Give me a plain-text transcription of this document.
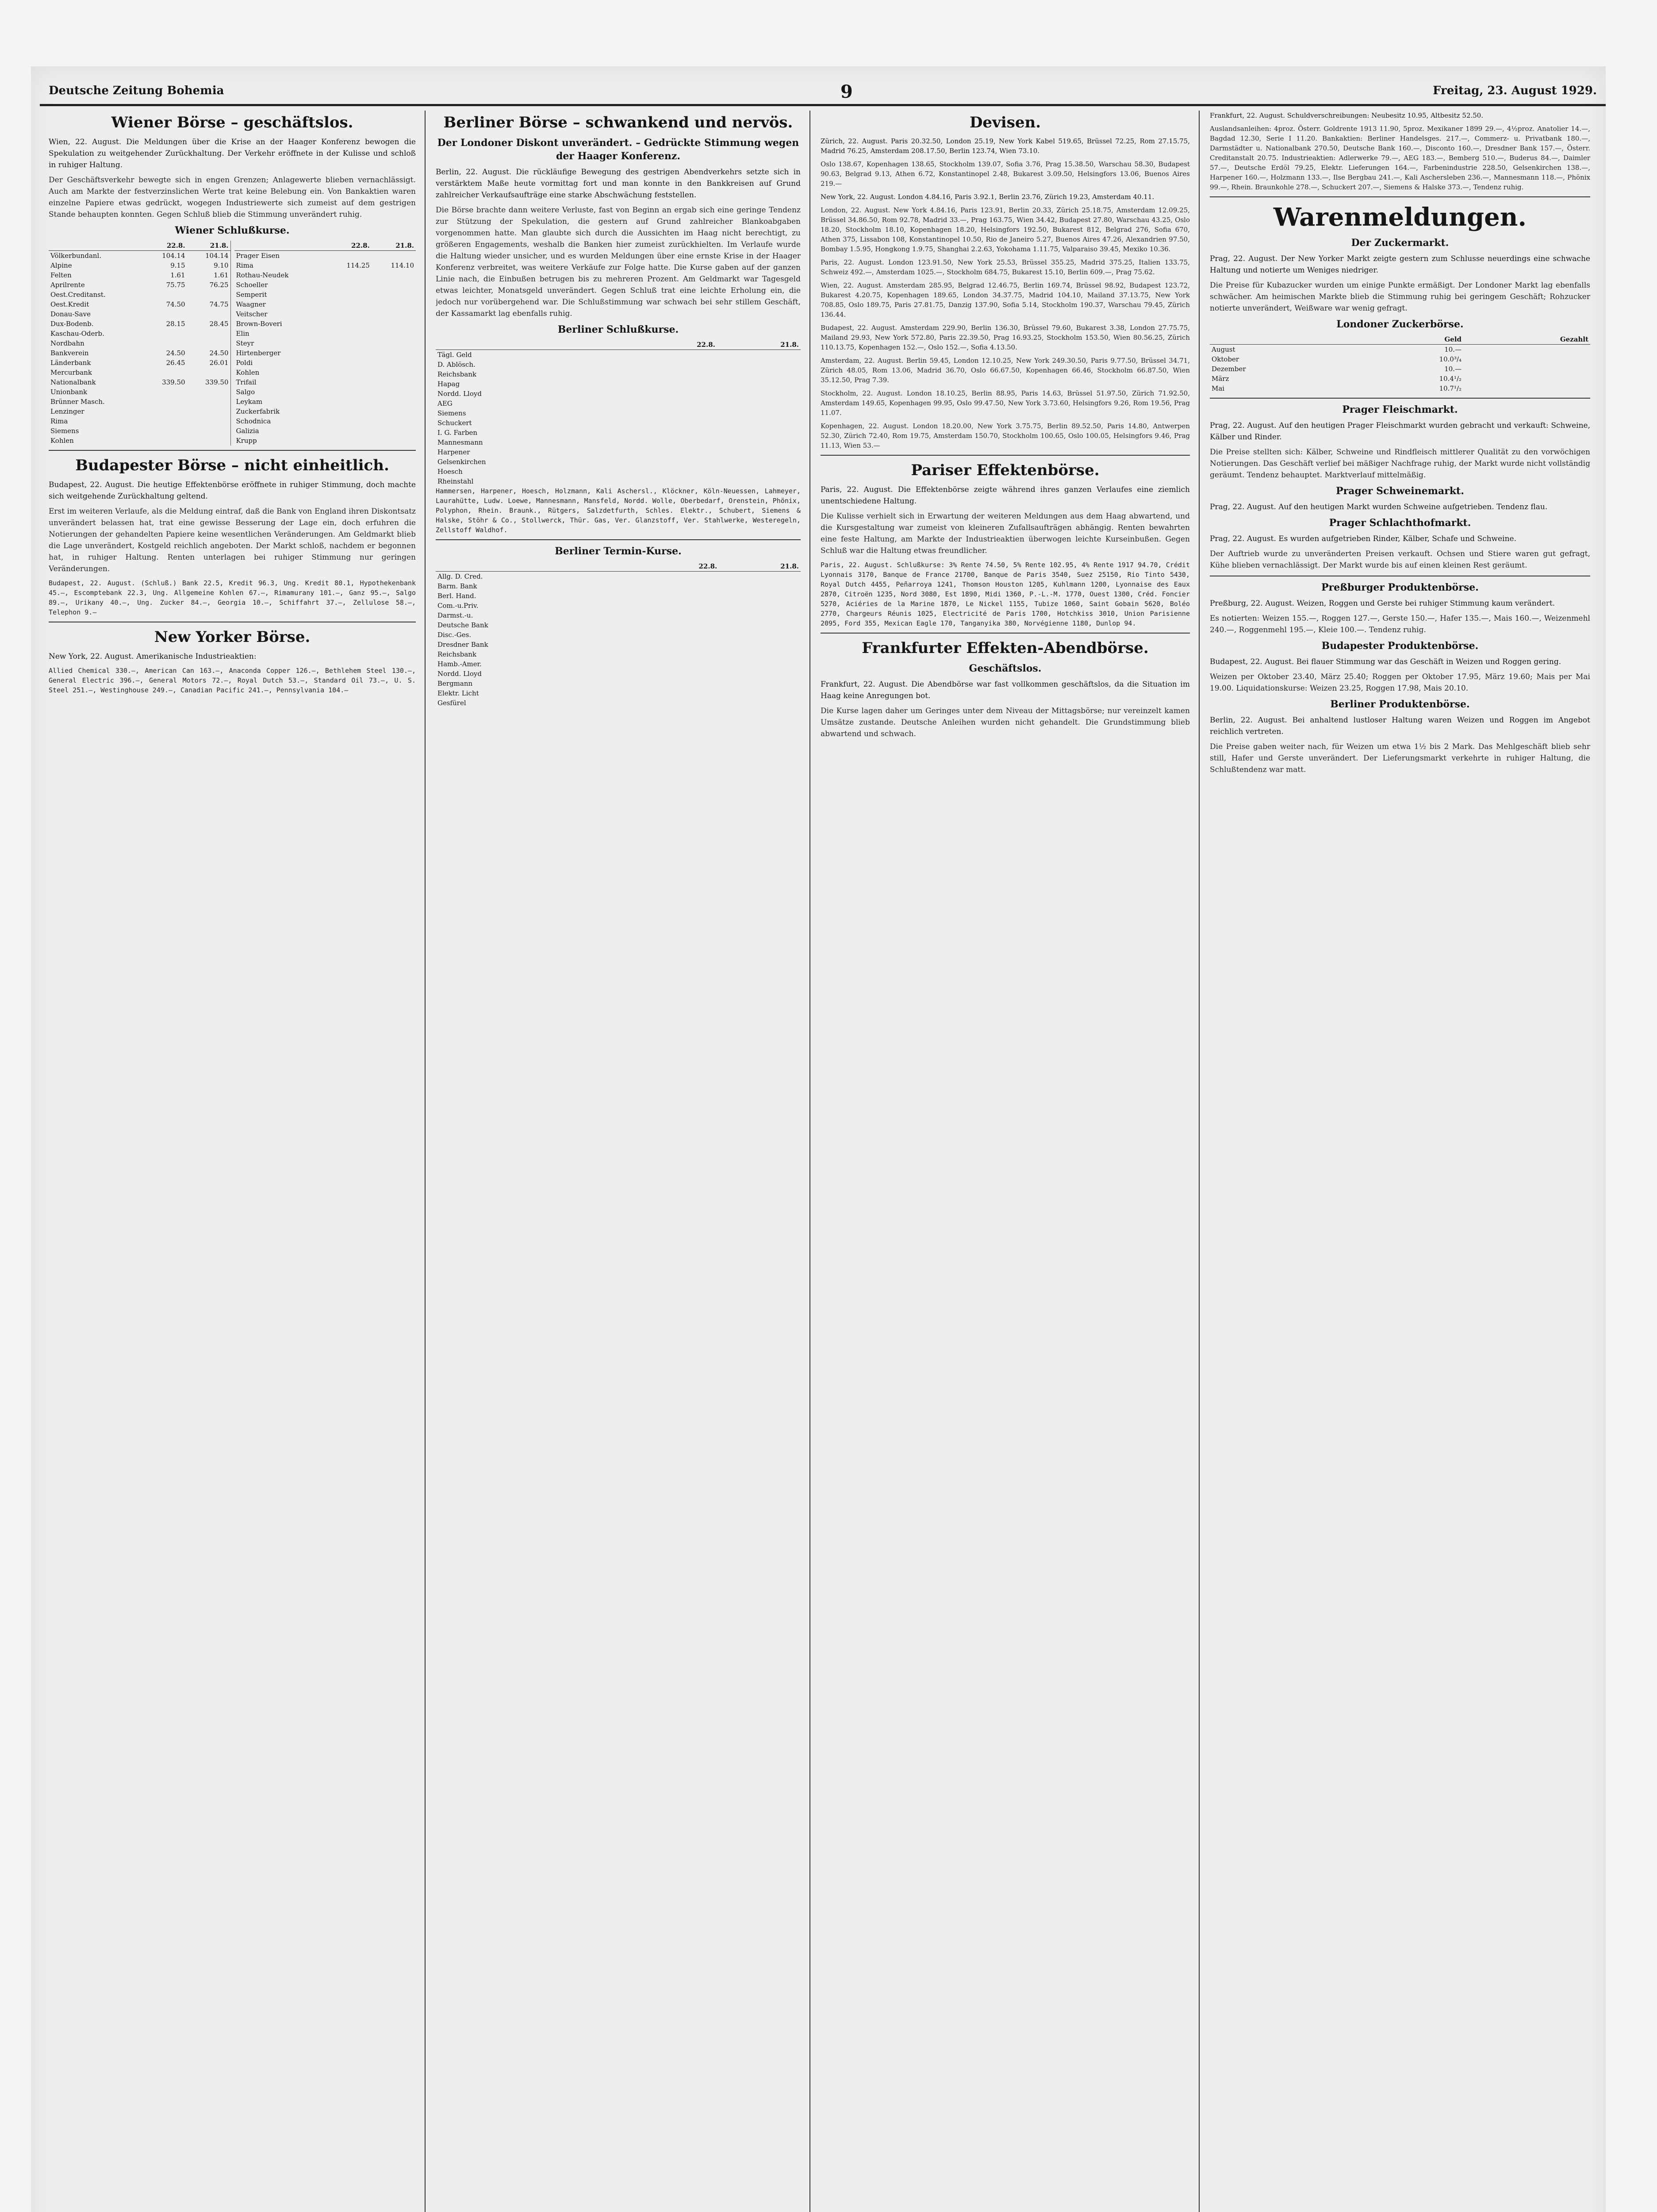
Deutsche Zeitung Bohemia	9	Freitag, 23. August 1929.
Wiener Börse – geschäftslos.

Wien, 22. August. Die Meldungen über die Krise an der Haager Konferenz bewogen die Spekulation zu weitgehender Zurückhaltung. Der Verkehr eröffnete in der Kulisse und schloß in ruhiger Haltung.

Der Geschäftsverkehr bewegte sich in engen Grenzen; Anlagewerte blieben vernachlässigt. Auch am Markte der festverzinslichen Werte trat keine Belebung ein. Von Bankaktien waren einzelne Papiere etwas gedrückt, wogegen Industriewerte sich zumeist auf dem gestrigen Stande behaupten konnten. Gegen Schluß blieb die Stimmung unverändert ruhig.

Wiener Schlußkurse.
	22.8.	21.8.
Völkerbundanl.	104.14	104.14
Alpine	9.15	9.10
Felten	1.61	1.61
Aprilrente	75.75	76.25
Oest.Creditanst.		
Oest.Kredit	74.50	74.75
Donau-Save		
Dux-Bodenb.	28.15	28.45
Kaschau-Oderb.		
Nordbahn		
Bankverein	24.50	24.50
Länderbank	26.45	26.01
Mercurbank		
Nationalbank	339.50	339.50
Unionbank		
Brünner Masch.		
Lenzinger		
Rima		
Siemens		
Kohlen		
	22.8.	21.8.
Prager Eisen		
Rima	114.25	114.10
Rothau-Neudek		
Schoeller		
Semperit		
Waagner		
Veitscher		
Brown-Boveri		
Elin		
Steyr		
Hirtenberger		
Poldi		
Kohlen		
Trifail		
Salgo		
Leykam		
Zuckerfabrik		
Schodnica		
Galizia		
Krupp		
Budapester Börse – nicht einheitlich.

Budapest, 22. August. Die heutige Effektenbörse eröffnete in ruhiger Stimmung, doch machte sich weitgehende Zurückhaltung geltend.

Erst im weiteren Verlaufe, als die Meldung eintraf, daß die Bank von England ihren Diskontsatz unverändert belassen hat, trat eine gewisse Besserung der Lage ein, doch erfuhren die Notierungen der gehandelten Papiere keine wesentlichen Veränderungen. Am Geldmarkt blieb die Lage unverändert, Kostgeld reichlich angeboten. Der Markt schloß, nachdem er begonnen hat, in ruhiger Haltung. Renten unterlagen bei ruhiger Stimmung nur geringen Veränderungen.

Budapest, 22. August. (Schluß.) Bank 22.5, Kredit 96.3, Ung. Kredit 80.1, Hypothekenbank 45.—, Escomptebank 22.3, Ung. Allgemeine Kohlen 67.—, Rimamurany 101.—, Ganz 95.—, Salgo 89.—, Urikany 40.—, Ung. Zucker 84.—, Georgia 10.—, Schiffahrt 37.—, Zellulose 58.—, Telephon 9.—

New Yorker Börse.

New York, 22. August. Amerikanische Industrieaktien:

Allied Chemical 330.—, American Can 163.—, Anaconda Copper 126.—, Bethlehem Steel 130.—, General Electric 396.—, General Motors 72.—, Royal Dutch 53.—, Standard Oil 73.—, U. S. Steel 251.—, Westinghouse 249.—, Canadian Pacific 241.—, Pennsylvania 104.—

Berliner Börse – schwankend und nervös.
Der Londoner Diskont unverändert. – Gedrückte Stimmung wegen der Haager Konferenz.

Berlin, 22. August. Die rückläufige Bewegung des gestrigen Abendverkehrs setzte sich in verstärktem Maße heute vormittag fort und man konnte in den Bankkreisen auf Grund zahlreicher Verkaufsaufträge eine starke Abschwächung feststellen.

Die Börse brachte dann weitere Verluste, fast von Beginn an ergab sich eine geringe Tendenz zur Stützung der Spekulation, die gestern auf Grund zahlreicher Blankoabgaben vorgenommen hatte. Man glaubte sich durch die Aussichten im Haag nicht berechtigt, zu größeren Engagements, weshalb die Banken hier zumeist zurückhielten. Im Verlaufe wurde die Haltung wieder unsicher, und es wurden Meldungen über eine ernste Krise in der Haager Konferenz verbreitet, was weitere Verkäufe zur Folge hatte. Die Kurse gaben auf der ganzen Linie nach, die Einbußen betrugen bis zu mehreren Prozent. Am Geldmarkt war Tagesgeld etwas leichter, Monatsgeld unverändert. Gegen Schluß trat eine leichte Erholung ein, die jedoch nur vorübergehend war. Die Schlußstimmung war schwach bei sehr stillem Geschäft, der Kassamarkt lag ebenfalls ruhig.

Berliner Schlußkurse.
	22.8.	21.8.
Tägl. Geld		
D. Ablösch.		
Reichsbank		
Hapag		
Nordd. Lloyd		
AEG		
Siemens		
Schuckert		
I. G. Farben		
Mannesmann		
Harpener		
Gelsenkirchen		
Hoesch		
Rheinstahl		

Hammersen, Harpener, Hoesch, Holzmann, Kali Aschersl., Klöckner, Köln-Neuessen, Lahmeyer, Laurahütte, Ludw. Loewe, Mannesmann, Mansfeld, Nordd. Wolle, Oberbedarf, Orenstein, Phönix, Polyphon, Rhein. Braunk., Rütgers, Salzdetfurth, Schles. Elektr., Schubert, Siemens & Halske, Stöhr & Co., Stollwerck, Thür. Gas, Ver. Glanzstoff, Ver. Stahlwerke, Westeregeln, Zellstoff Waldhof.

Berliner Termin-Kurse.
	22.8.	21.8.
Allg. D. Cred.		
Barm. Bank		
Berl. Hand.		
Com.-u.Priv.		
Darmst.-u.		
Deutsche Bank		
Disc.-Ges.		
Dresdner Bank		
Reichsbank		
Hamb.-Amer.		
Nordd. Lloyd		
Bergmann		
Elektr. Licht		
Gesfürel		
Devisen.

Zürich, 22. August. Paris 20.32.50, London 25.19, New York Kabel 519.65, Brüssel 72.25, Rom 27.15.75, Madrid 76.25, Amsterdam 208.17.50, Berlin 123.74, Wien 73.10.

Oslo 138.67, Kopenhagen 138.65, Stockholm 139.07, Sofia 3.76, Prag 15.38.50, Warschau 58.30, Budapest 90.63, Belgrad 9.13, Athen 6.72, Konstantinopel 2.48, Bukarest 3.09.50, Helsingfors 13.06, Buenos Aires 219.—

New York, 22. August. London 4.84.16, Paris 3.92.1, Berlin 23.76, Zürich 19.23, Amsterdam 40.11.

London, 22. August. New York 4.84.16, Paris 123.91, Berlin 20.33, Zürich 25.18.75, Amsterdam 12.09.25, Brüssel 34.86.50, Rom 92.78, Madrid 33.—, Prag 163.75, Wien 34.42, Budapest 27.80, Warschau 43.25, Oslo 18.20, Stockholm 18.10, Kopenhagen 18.20, Helsingfors 192.50, Bukarest 812, Belgrad 276, Sofia 670, Athen 375, Lissabon 108, Konstantinopel 10.50, Rio de Janeiro 5.27, Buenos Aires 47.26, Alexandrien 97.50, Bombay 1.5.95, Hongkong 1.9.75, Shanghai 2.2.63, Yokohama 1.11.75, Valparaiso 39.45, Mexiko 10.36.

Paris, 22. August. London 123.91.50, New York 25.53, Brüssel 355.25, Madrid 375.25, Italien 133.75, Schweiz 492.—, Amsterdam 1025.—, Stockholm 684.75, Bukarest 15.10, Berlin 609.—, Prag 75.62.

Wien, 22. August. Amsterdam 285.95, Belgrad 12.46.75, Berlin 169.74, Brüssel 98.92, Budapest 123.72, Bukarest 4.20.75, Kopenhagen 189.65, London 34.37.75, Madrid 104.10, Mailand 37.13.75, New York 708.85, Oslo 189.75, Paris 27.81.75, Danzig 137.90, Sofia 5.14, Stockholm 190.37, Warschau 79.45, Zürich 136.44.

Budapest, 22. August. Amsterdam 229.90, Berlin 136.30, Brüssel 79.60, Bukarest 3.38, London 27.75.75, Mailand 29.93, New York 572.80, Paris 22.39.50, Prag 16.93.25, Stockholm 153.50, Wien 80.56.25, Zürich 110.13.75, Kopenhagen 152.—, Oslo 152.—, Sofia 4.13.50.

Amsterdam, 22. August. Berlin 59.45, London 12.10.25, New York 249.30.50, Paris 9.77.50, Brüssel 34.71, Zürich 48.05, Rom 13.06, Madrid 36.70, Oslo 66.67.50, Kopenhagen 66.46, Stockholm 66.87.50, Wien 35.12.50, Prag 7.39.

Stockholm, 22. August. London 18.10.25, Berlin 88.95, Paris 14.63, Brüssel 51.97.50, Zürich 71.92.50, Amsterdam 149.65, Kopenhagen 99.95, Oslo 99.47.50, New York 3.73.60, Helsingfors 9.26, Rom 19.56, Prag 11.07.

Kopenhagen, 22. August. London 18.20.00, New York 3.75.75, Berlin 89.52.50, Paris 14.80, Antwerpen 52.30, Zürich 72.40, Rom 19.75, Amsterdam 150.70, Stockholm 100.65, Oslo 100.05, Helsingfors 9.46, Prag 11.13, Wien 53.—

Pariser Effektenbörse.

Paris, 22. August. Die Effektenbörse zeigte während ihres ganzen Verlaufes eine ziemlich unentschiedene Haltung.

Die Kulisse verhielt sich in Erwartung der weiteren Meldungen aus dem Haag abwartend, und die Kursgestaltung war zumeist von kleineren Zufallsaufträgen abhängig. Renten bewahrten eine feste Haltung, am Markte der Industrieaktien überwogen leichte Kurseinbußen. Gegen Schluß war die Haltung etwas freundlicher.

Paris, 22. August. Schlußkurse: 3% Rente 74.50, 5% Rente 102.95, 4% Rente 1917 94.70, Crédit Lyonnais 3170, Banque de France 21700, Banque de Paris 3540, Suez 25150, Rio Tinto 5430, Royal Dutch 4455, Peñarroya 1241, Thomson Houston 1205, Kuhlmann 1200, Lyonnaise des Eaux 2870, Citroën 1235, Nord 3080, Est 1890, Midi 1360, P.-L.-M. 1770, Ouest 1300, Créd. Foncier 5270, Aciéries de la Marine 1870, Le Nickel 1155, Tubize 1060, Saint Gobain 5620, Boléo 2770, Chargeurs Réunis 1025, Electricité de Paris 1700, Hotchkiss 3010, Union Parisienne 2095, Ford 355, Mexican Eagle 170, Tanganyika 380, Norvégienne 1180, Dunlop 94.

Frankfurter Effekten-Abendbörse.
Geschäftslos.

Frankfurt, 22. August. Die Abendbörse war fast vollkommen geschäftslos, da die Situation im Haag keine Anregungen bot.

Die Kurse lagen daher um Geringes unter dem Niveau der Mittagsbörse; nur vereinzelt kamen Umsätze zustande. Deutsche Anleihen wurden nicht gehandelt. Die Grundstimmung blieb abwartend und schwach.

Frankfurt, 22. August. Schuldverschreibungen: Neubesitz 10.95, Altbesitz 52.50.

Auslandsanleihen: 4proz. Österr. Goldrente 1913 11.90, 5proz. Mexikaner 1899 29.—, 4½proz. Anatolier 14.—, Bagdad 12.30, Serie I 11.20. Bankaktien: Berliner Handelsges. 217.—, Commerz- u. Privatbank 180.—, Darmstädter u. Nationalbank 270.50, Deutsche Bank 160.—, Disconto 160.—, Dresdner Bank 157.—, Österr. Creditanstalt 20.75. Industrieaktien: Adlerwerke 79.—, AEG 183.—, Bemberg 510.—, Buderus 84.—, Daimler 57.—, Deutsche Erdöl 79.25, Elektr. Lieferungen 164.—, Farbenindustrie 228.50, Gelsenkirchen 138.—, Harpener 160.—, Holzmann 133.—, Ilse Bergbau 241.—, Kali Aschersleben 236.—, Mannesmann 118.—, Phönix 99.—, Rhein. Braunkohle 278.—, Schuckert 207.—, Siemens & Halske 373.—, Tendenz ruhig.

Warenmeldungen.
Der Zuckermarkt.

Prag, 22. August. Der New Yorker Markt zeigte gestern zum Schlusse neuerdings eine schwache Haltung und notierte um Weniges niedriger.

Die Preise für Kubazucker wurden um einige Punkte ermäßigt. Der Londoner Markt lag ebenfalls schwächer. Am heimischen Markte blieb die Stimmung ruhig bei geringem Geschäft; Rohzucker notierte unverändert, Weißware war wenig gefragt.

Londoner Zuckerbörse.
	Geld	Gezahlt
August	10.—	
Oktober	10.0³/₄	
Dezember	10.—	
März	10.4¹/₂	
Mai	10.7¹/₂	
Prager Fleischmarkt.

Prag, 22. August. Auf den heutigen Prager Fleischmarkt wurden gebracht und verkauft: Schweine, Kälber und Rinder.

Die Preise stellten sich: Kälber, Schweine und Rindfleisch mittlerer Qualität zu den vorwöchigen Notierungen. Das Geschäft verlief bei mäßiger Nachfrage ruhig, der Markt wurde nicht vollständig geräumt. Tendenz behauptet. Marktverlauf mittelmäßig.

Prager Schweinemarkt.

Prag, 22. August. Auf den heutigen Markt wurden Schweine aufgetrieben. Tendenz flau.

Prager Schlachthofmarkt.

Prag, 22. August. Es wurden aufgetrieben Rinder, Kälber, Schafe und Schweine.

Der Auftrieb wurde zu unveränderten Preisen verkauft. Ochsen und Stiere waren gut gefragt, Kühe blieben vernachlässigt. Der Markt wurde bis auf einen kleinen Rest geräumt.

Preßburger Produktenbörse.

Preßburg, 22. August. Weizen, Roggen und Gerste bei ruhiger Stimmung kaum verändert.

Es notierten: Weizen 155.—, Roggen 127.—, Gerste 150.—, Hafer 135.—, Mais 160.—, Weizenmehl 240.—, Roggenmehl 195.—, Kleie 100.—. Tendenz ruhig.

Budapester Produktenbörse.

Budapest, 22. August. Bei flauer Stimmung war das Geschäft in Weizen und Roggen gering.

Weizen per Oktober 23.40, März 25.40; Roggen per Oktober 17.95, März 19.60; Mais per Mai 19.00. Liquidationskurse: Weizen 23.25, Roggen 17.98, Mais 20.10.

Berliner Produktenbörse.

Berlin, 22. August. Bei anhaltend lustloser Haltung waren Weizen und Roggen im Angebot reichlich vertreten.

Die Preise gaben weiter nach, für Weizen um etwa 1½ bis 2 Mark. Das Mehlgeschäft blieb sehr still, Hafer und Gerste unverändert. Der Lieferungsmarkt verkehrte in ruhiger Haltung, die Schlußtendenz war matt.
